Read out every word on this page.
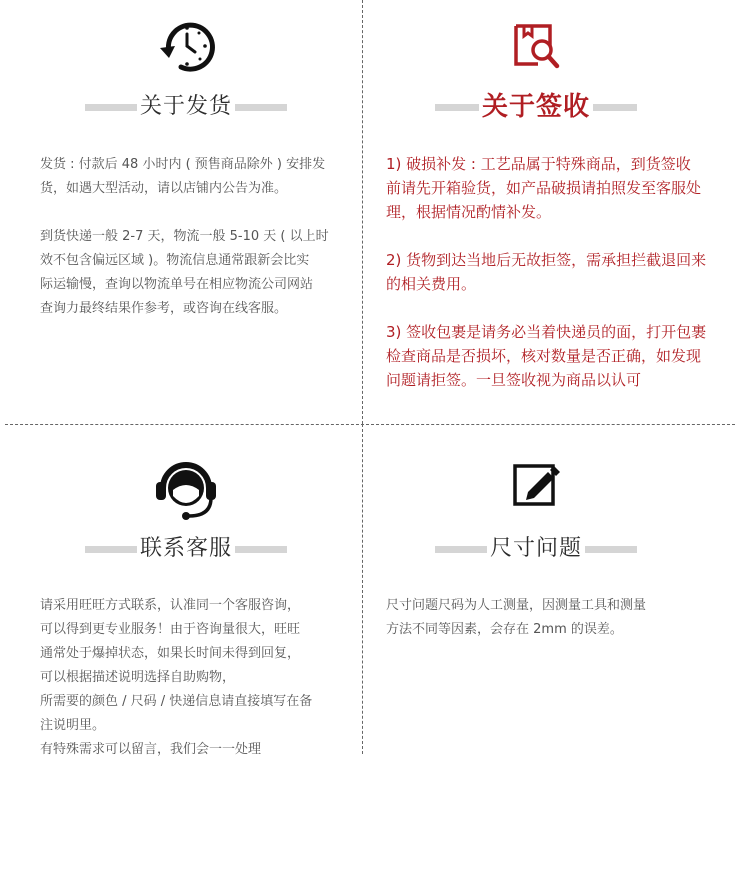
关于发货

发货 : 付款后 48 小时内 ( 预售商品除外 ) 安排发
货，如遇大型活动，请以店铺内公告为准。

到货快递一般 2-7 天，物流一般 5-10 天 ( 以上时
效不包含偏远区域 )。物流信息通常跟新会比实
际运输慢，查询以物流单号在相应物流公司网站
查询力最终结果作参考，或咨询在线客服。

关于签收

1) 破损补发 : 工艺品属于特殊商品，到货签收
前请先开箱验货，如产品破损请拍照发至客服处
理，根据情况酌情补发。

2) 货物到达当地后无故拒签，需承担拦截退回来
的相关费用。

3) 签收包裹是请务必当着快递员的面，打开包裹
检查商品是否损坏，核对数量是否正确，如发现
问题请拒签。一旦签收视为商品以认可

联系客服

请采用旺旺方式联系，认准同一个客服咨询，
可以得到更专业服务！由于咨询量很大，旺旺
通常处于爆掉状态，如果长时间未得到回复，
可以根据描述说明选择自助购物，
所需要的颜色 / 尺码 / 快递信息请直接填写在备
注说明里。
有特殊需求可以留言，我们会一一处理

尺寸问题

尺寸问题尺码为人工测量，因测量工具和测量
方法不同等因素，会存在 2mm 的误差。
